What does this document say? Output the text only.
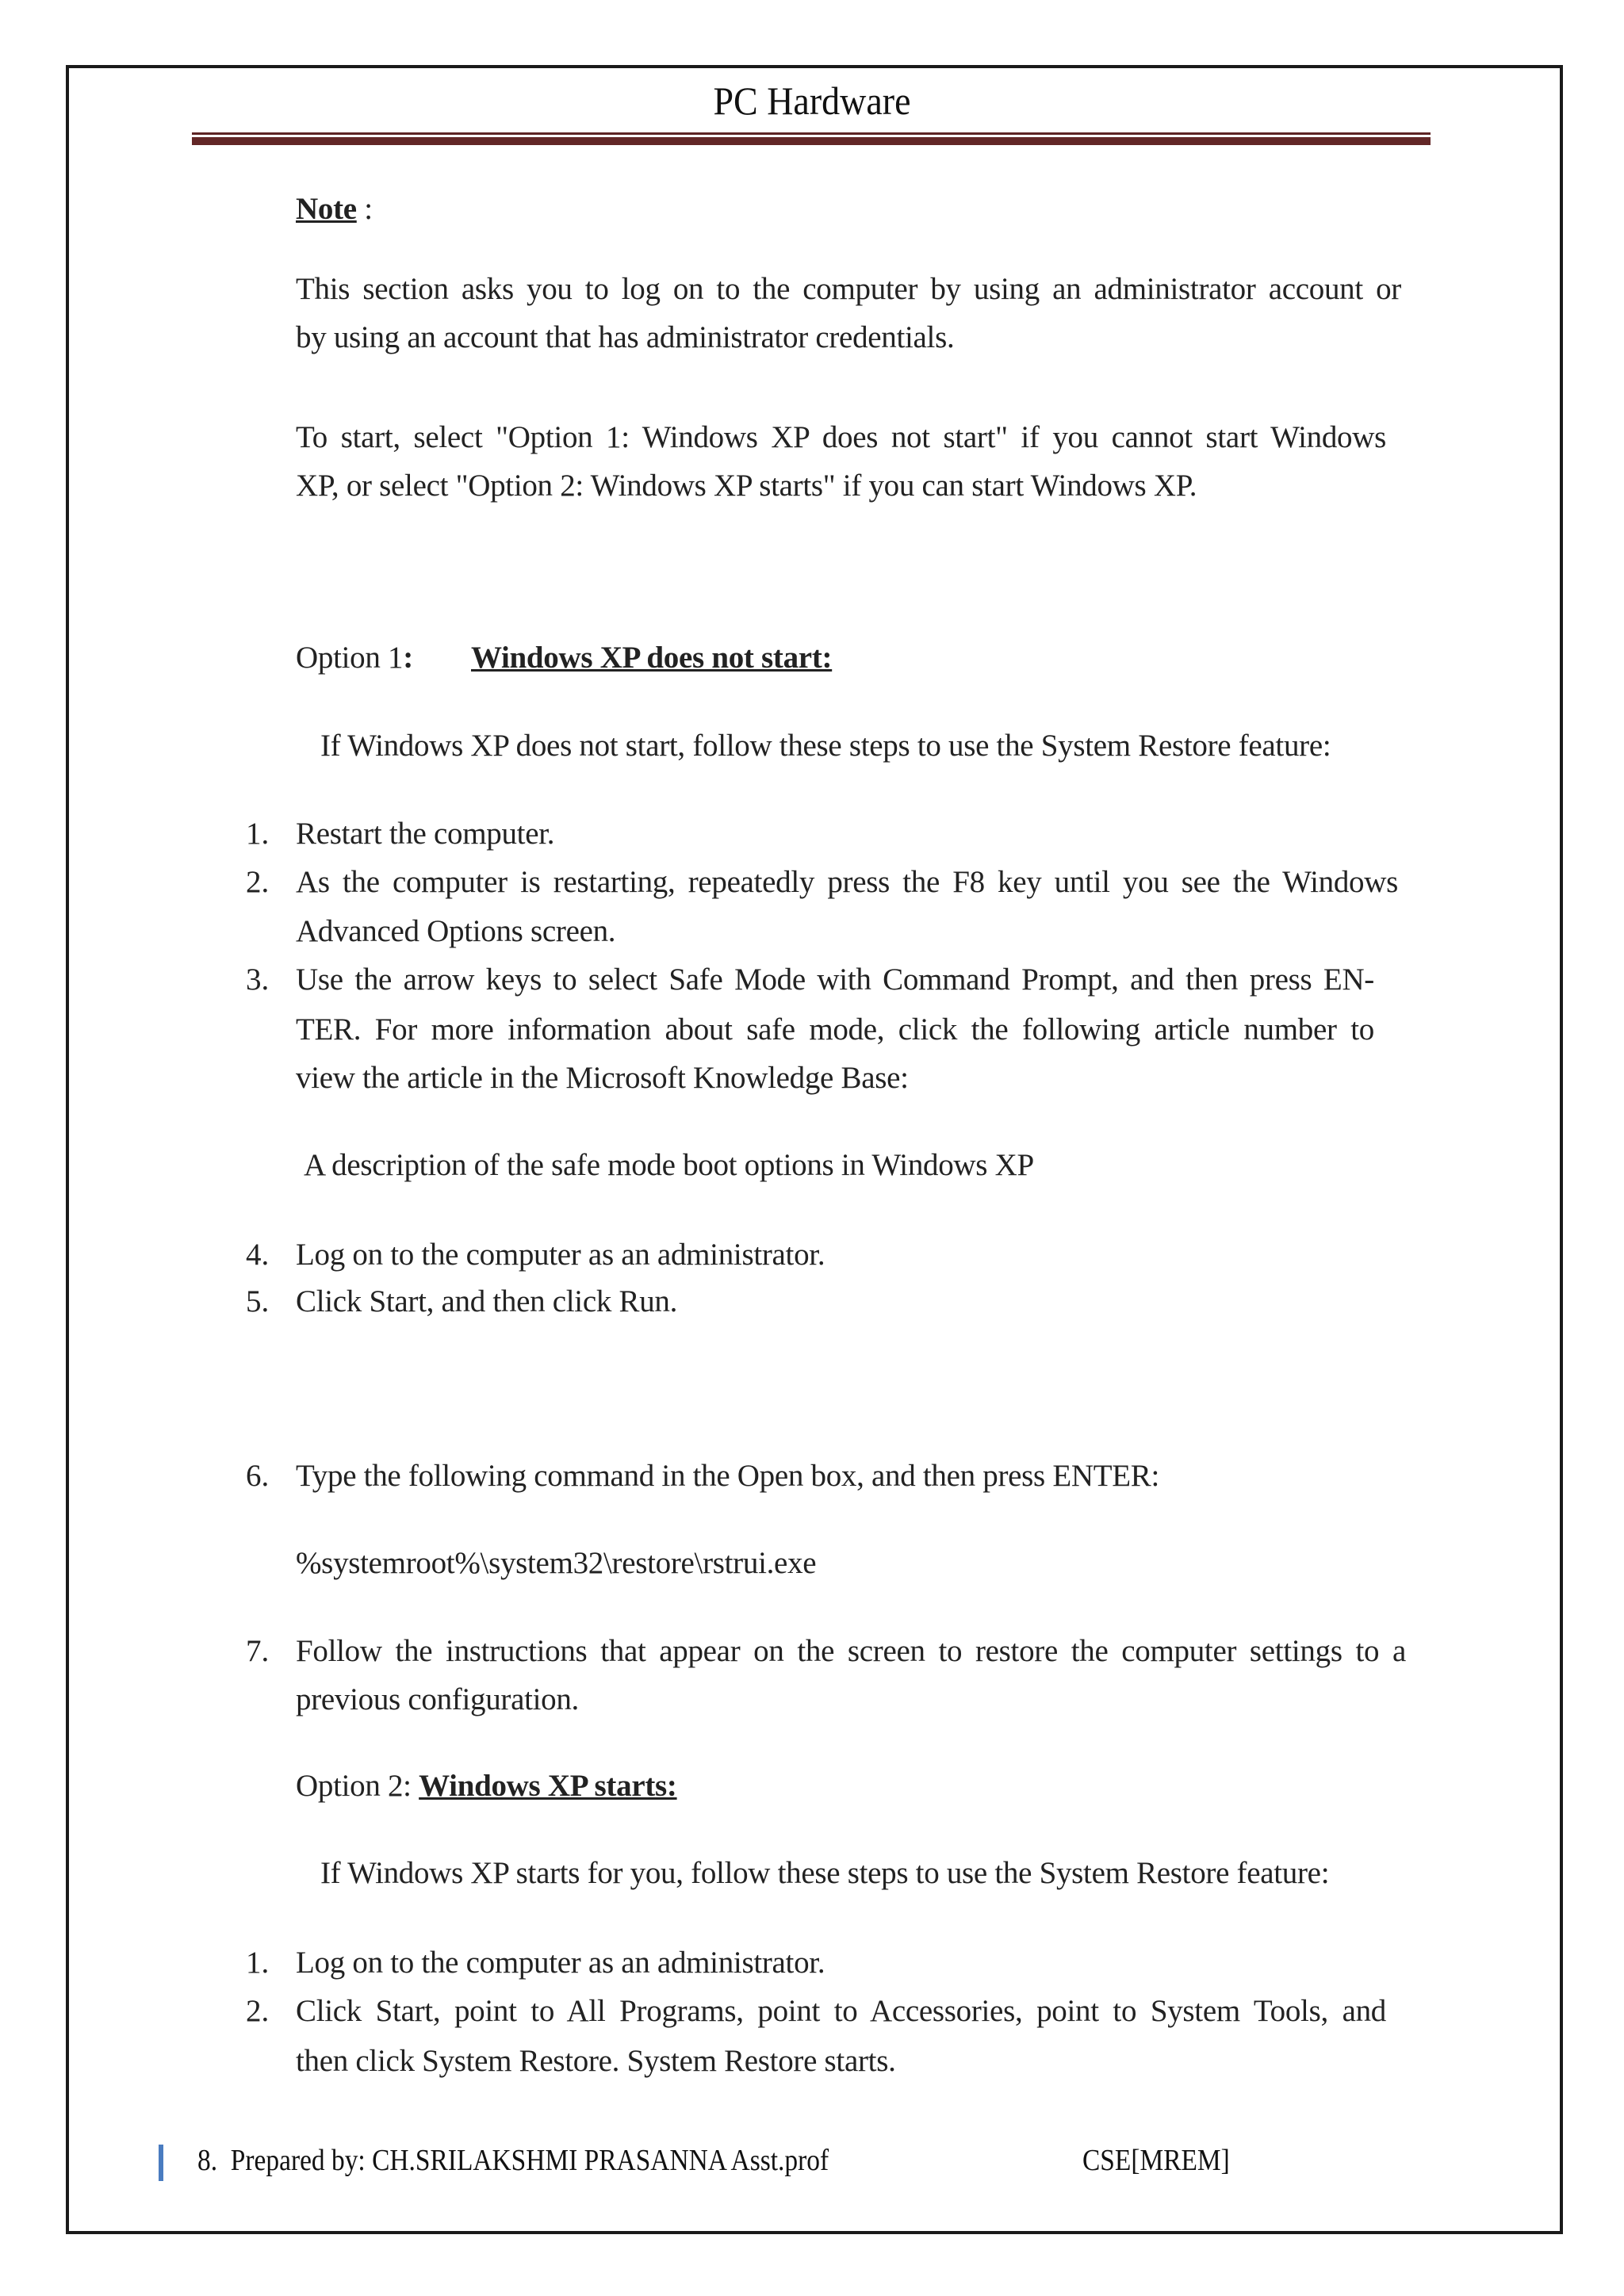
PC Hardware
Note :
This section asks you to log on to the computer by using an administrator account or
by using an account that has administrator credentials.
To start, select "Option 1: Windows XP does not start" if you cannot start Windows
XP, or select "Option 2: Windows XP starts" if you can start Windows XP.
Option 1: Windows XP does not start:
If Windows XP does not start, follow these steps to use the System Restore feature:
1. Restart the computer.
2. As the computer is restarting, repeatedly press the F8 key until you see the Windows
Advanced Options screen.
3. Use the arrow keys to select Safe Mode with Command Prompt, and then press EN-
TER. For more information about safe mode, click the following article number to
view the article in the Microsoft Knowledge Base:
A description of the safe mode boot options in Windows XP
4. Log on to the computer as an administrator.
5. Click Start, and then click Run.
6. Type the following command in the Open box, and then press ENTER:
%systemroot%\system32\restore\rstrui.exe
7. Follow the instructions that appear on the screen to restore the computer settings to a
previous configuration.
Option 2: Windows XP starts:
If Windows XP starts for you, follow these steps to use the System Restore feature:
1. Log on to the computer as an administrator.
2. Click Start, point to All Programs, point to Accessories, point to System Tools, and
then click System Restore. System Restore starts.
8. Prepared by: CH.SRILAKSHMI PRASANNA Asst.prof	CSE[MREM]
